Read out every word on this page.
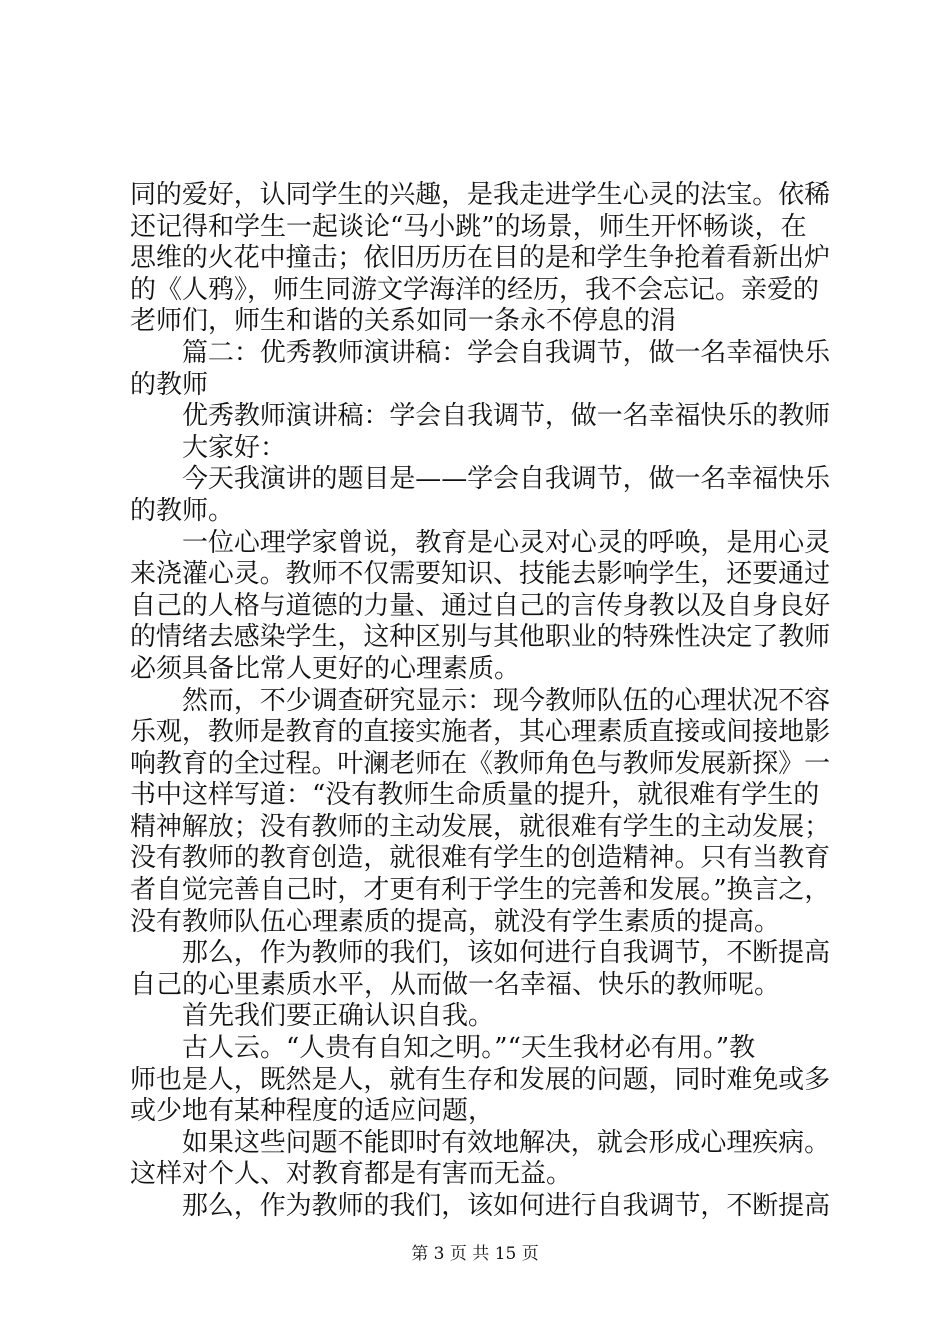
同的爱好，认同学生的兴趣，是我走进学生心灵的法宝。依稀
还记得和学生一起谈论“马小跳”的场景，师生开怀畅谈，在
思维的火花中撞击；依旧历历在目的是和学生争抢着看新出炉
的《人鸦》，师生同游文学海洋的经历，我不会忘记。亲爱的
老师们，师生和谐的关系如同一条永不停息的涓
篇二：优秀教师演讲稿：学会自我调节，做一名幸福快乐
的教师
优秀教师演讲稿：学会自我调节，做一名幸福快乐的教师
大家好：
今天我演讲的题目是——学会自我调节，做一名幸福快乐
的教师。
一位心理学家曾说，教育是心灵对心灵的呼唤，是用心灵
来浇灌心灵。教师不仅需要知识、技能去影响学生，还要通过
自己的人格与道德的力量、通过自己的言传身教以及自身良好
的情绪去感染学生，这种区别与其他职业的特殊性决定了教师
必须具备比常人更好的心理素质。
然而，不少调查研究显示：现今教师队伍的心理状况不容
乐观，教师是教育的直接实施者，其心理素质直接或间接地影
响教育的全过程。叶澜老师在《教师角色与教师发展新探》一
书中这样写道：“没有教师生命质量的提升，就很难有学生的
精神解放；没有教师的主动发展，就很难有学生的主动发展；
没有教师的教育创造，就很难有学生的创造精神。只有当教育
者自觉完善自己时，才更有利于学生的完善和发展。”换言之，
没有教师队伍心理素质的提高，就没有学生素质的提高。
那么，作为教师的我们，该如何进行自我调节，不断提高
自己的心里素质水平，从而做一名幸福、快乐的教师呢。
首先我们要正确认识自我。
古人云。“人贵有自知之明。”“天生我材必有用。”教
师也是人，既然是人，就有生存和发展的问题，同时难免或多
或少地有某种程度的适应问题，
如果这些问题不能即时有效地解决，就会形成心理疾病。
这样对个人、对教育都是有害而无益。
那么，作为教师的我们，该如何进行自我调节，不断提高
第 3 页 共 15 页
